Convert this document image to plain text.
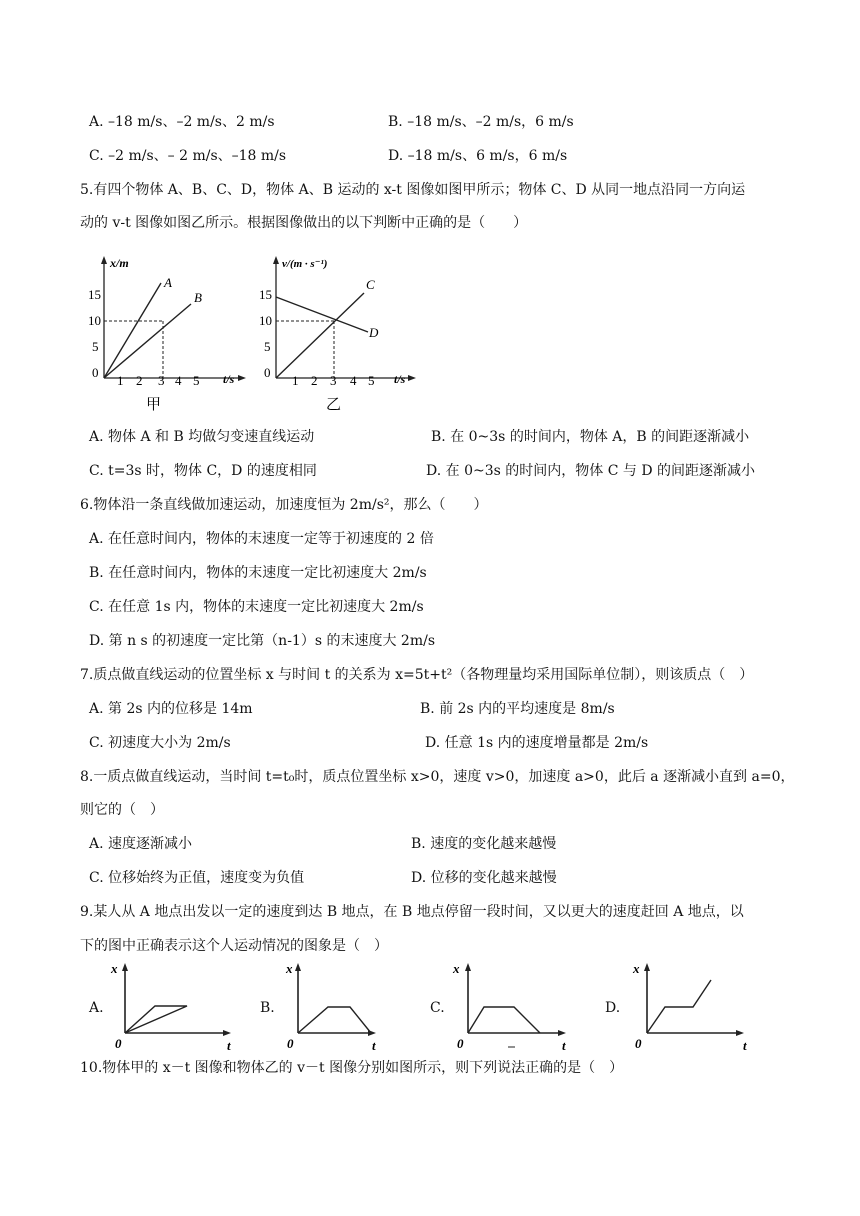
A. –18 m/s、–2 m/s、2 m/s	B. –18 m/s、–2 m/s，6 m/s
C. –2 m/s、– 2 m/s、–18 m/s	D. –18 m/s、6 m/s，6 m/s
5.有四个物体 A、B、C、D，物体 A、B 运动的 x-t 图像如图甲所示；物体 C、D 从同一地点沿同一方向运
动的 v-t 图像如图乙所示。根据图像做出的以下判断中正确的是（　　）
x/m
t/s
15
10
5
0
1 2 3 4 5
A
B
甲
v/(m · s⁻¹)
t/s
15
10
5
0
1 2 3 4 5
C
D
乙
A. 物体 A 和 B 均做匀变速直线运动	B. 在 0~3s 的时间内，物体 A，B 的间距逐渐减小
C. t=3s 时，物体 C，D 的速度相同	D. 在 0~3s 的时间内，物体 C 与 D 的间距逐渐减小
6.物体沿一条直线做加速运动，加速度恒为 2m/s²，那么（　　）
A. 在任意时间内，物体的末速度一定等于初速度的 2 倍
B. 在任意时间内，物体的末速度一定比初速度大 2m/s
C. 在任意 1s 内，物体的末速度一定比初速度大 2m/s
D. 第 n s 的初速度一定比第（n-1）s 的末速度大 2m/s
7.质点做直线运动的位置坐标 x 与时间 t 的关系为 x=5t+t²（各物理量均采用国际单位制），则该质点（　）
A. 第 2s 内的位移是 14m	B. 前 2s 内的平均速度是 8m/s
C. 初速度大小为 2m/s	D. 任意 1s 内的速度增量都是 2m/s
8.一质点做直线运动，当时间 t=t₀时，质点位置坐标 x>0，速度 v>0，加速度 a>0，此后 a 逐渐减小直到 a=0，
则它的（　）
A. 速度逐渐减小	B. 速度的变化越来越慢
C. 位移始终为正值，速度变为负值	D. 位移的变化越来越慢
9.某人从 A 地点出发以一定的速度到达 B 地点，在 B 地点停留一段时间，又以更大的速度赶回 A 地点，以
下的图中正确表示这个人运动情况的图象是（　）
A.
x
t
0
B.
x
t
0
C.
x
t
0
D.
x
t
0
10.物体甲的 x－t 图像和物体乙的 v－t 图像分别如图所示，则下列说法正确的是（　）
